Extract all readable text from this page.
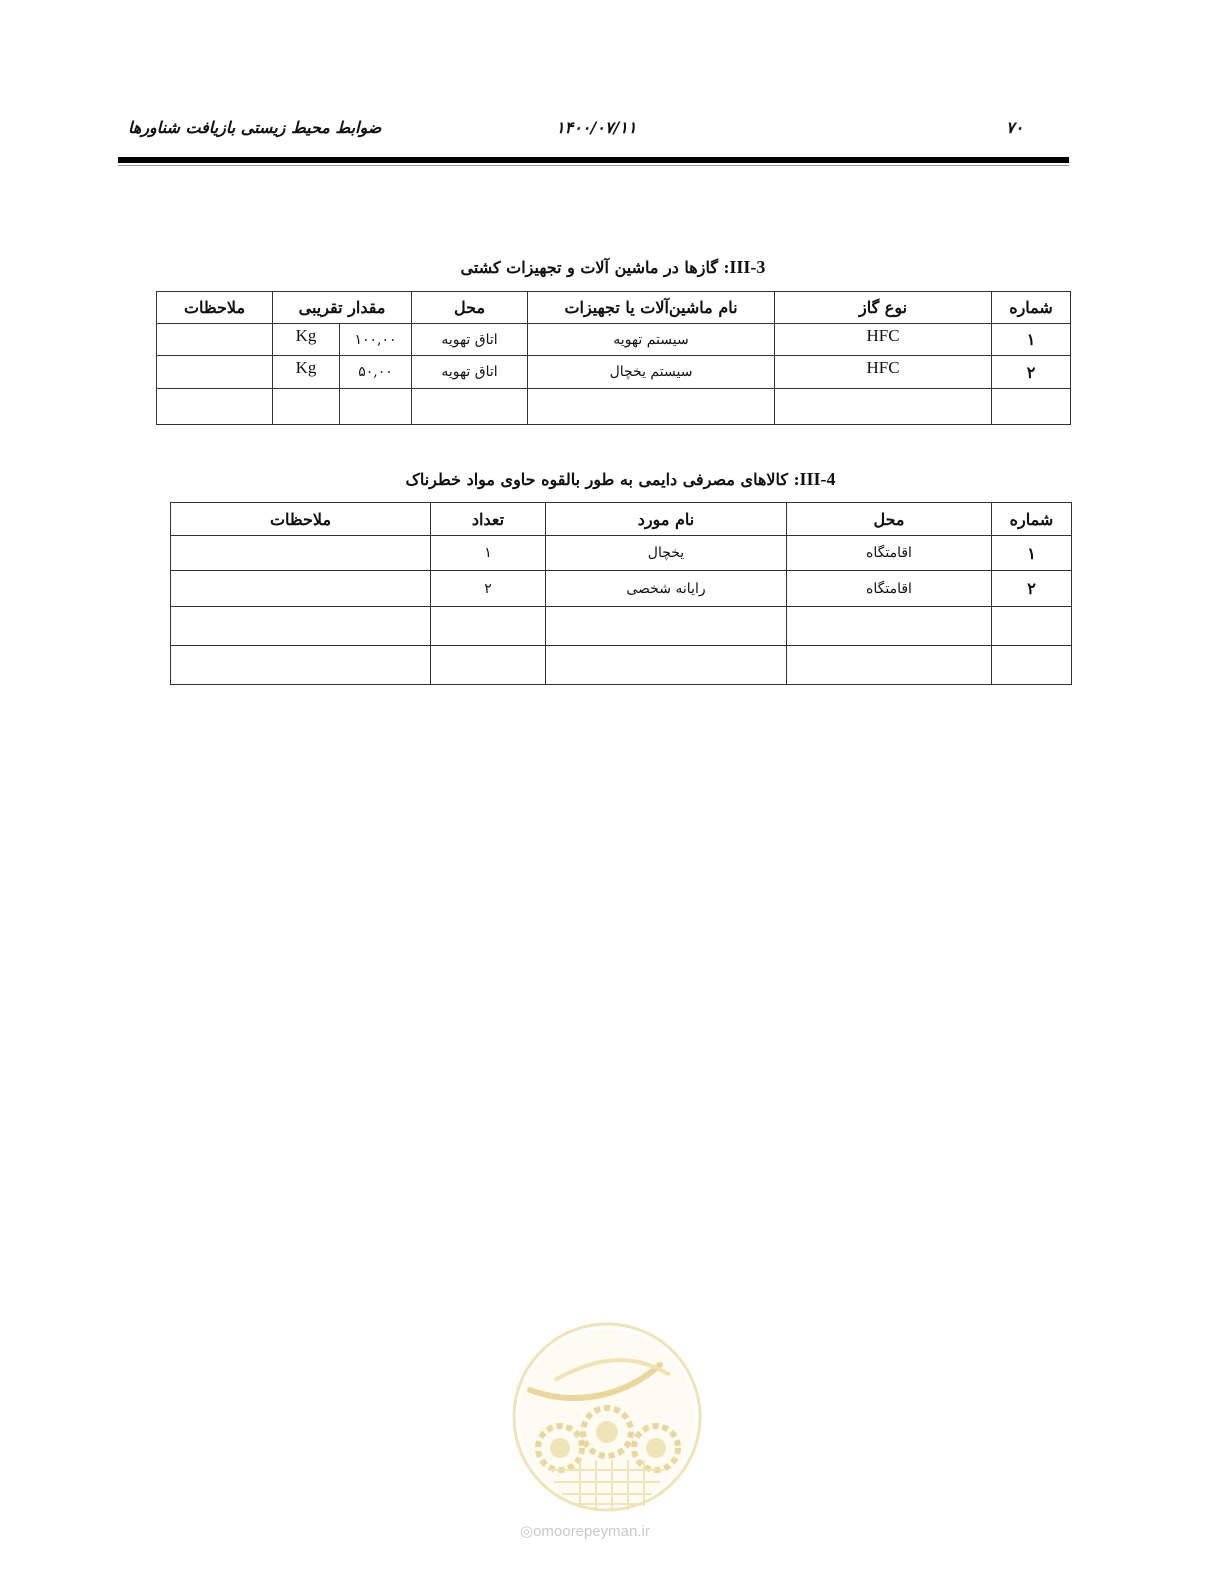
ضوابط محیط زیستی بازیافت شناورها	۱۴۰۰/۰۷/۱۱	۷۰
III-3: گازها در ماشین آلات و تجهیزات کشتی
شماره	نوع گاز	نام ماشین‌آلات یا تجهیزات	محل	مقدار تقریبی		ملاحظات
۱	HFC	سیستم تهویه	اتاق تهویه	۱۰۰,۰۰	Kg	
۲	HFC	سیستم یخچال	اتاق تهویه	۵۰,۰۰	Kg	

III-4: کالاهای مصرفی دایمی به طور بالقوه حاوی مواد خطرناک
شماره	محل	نام مورد	تعداد	ملاحظات
۱	اقامتگاه	یخچال	۱	
۲	اقامتگاه	رایانه شخصی	۲	

◎omoorepeyman.ir
